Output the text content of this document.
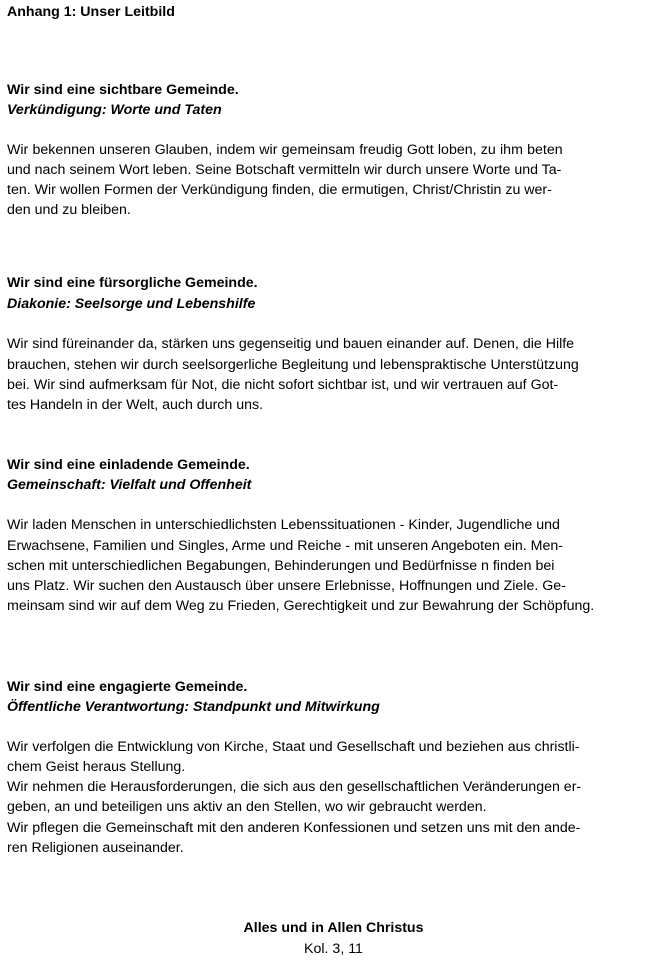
Anhang 1: Unser Leitbild
Wir sind eine sichtbare Gemeinde.
Verkündigung: Worte und Taten
Wir bekennen unseren Glauben, indem wir gemeinsam freudig Gott loben, zu ihm beten
und nach seinem Wort leben. Seine Botschaft vermitteln wir durch unsere Worte und Ta-
ten. Wir wollen Formen der Verkündigung finden, die ermutigen, Christ/Christin zu wer-
den und zu bleiben.
Wir sind eine fürsorgliche Gemeinde.
Diakonie: Seelsorge und Lebenshilfe
Wir sind füreinander da, stärken uns gegenseitig und bauen einander auf. Denen, die Hilfe
brauchen, stehen wir durch seelsorgerliche Begleitung und lebenspraktische Unterstützung
bei. Wir sind aufmerksam für Not, die nicht sofort sichtbar ist, und wir vertrauen auf Got-
tes Handeln in der Welt, auch durch uns.
Wir sind eine einladende Gemeinde.
Gemeinschaft: Vielfalt und Offenheit
Wir laden Menschen in unterschiedlichsten Lebenssituationen - Kinder, Jugendliche und
Erwachsene, Familien und Singles, Arme und Reiche - mit unseren Angeboten ein. Men-
schen mit unterschiedlichen Begabungen, Behinderungen und Bedürfnisse n finden bei
uns Platz. Wir suchen den Austausch über unsere Erlebnisse, Hoffnungen und Ziele. Ge-
meinsam sind wir auf dem Weg zu Frieden, Gerechtigkeit und zur Bewahrung der Schöpfung.
Wir sind eine engagierte Gemeinde.
Öffentliche Verantwortung: Standpunkt und Mitwirkung
Wir verfolgen die Entwicklung von Kirche, Staat und Gesellschaft und beziehen aus christli-
chem Geist heraus Stellung.
Wir nehmen die Herausforderungen, die sich aus den gesellschaftlichen Veränderungen er-
geben, an und beteiligen uns aktiv an den Stellen, wo wir gebraucht werden.
Wir pflegen die Gemeinschaft mit den anderen Konfessionen und setzen uns mit den ande-
ren Religionen auseinander.
Alles und in Allen Christus
Kol. 3, 11
